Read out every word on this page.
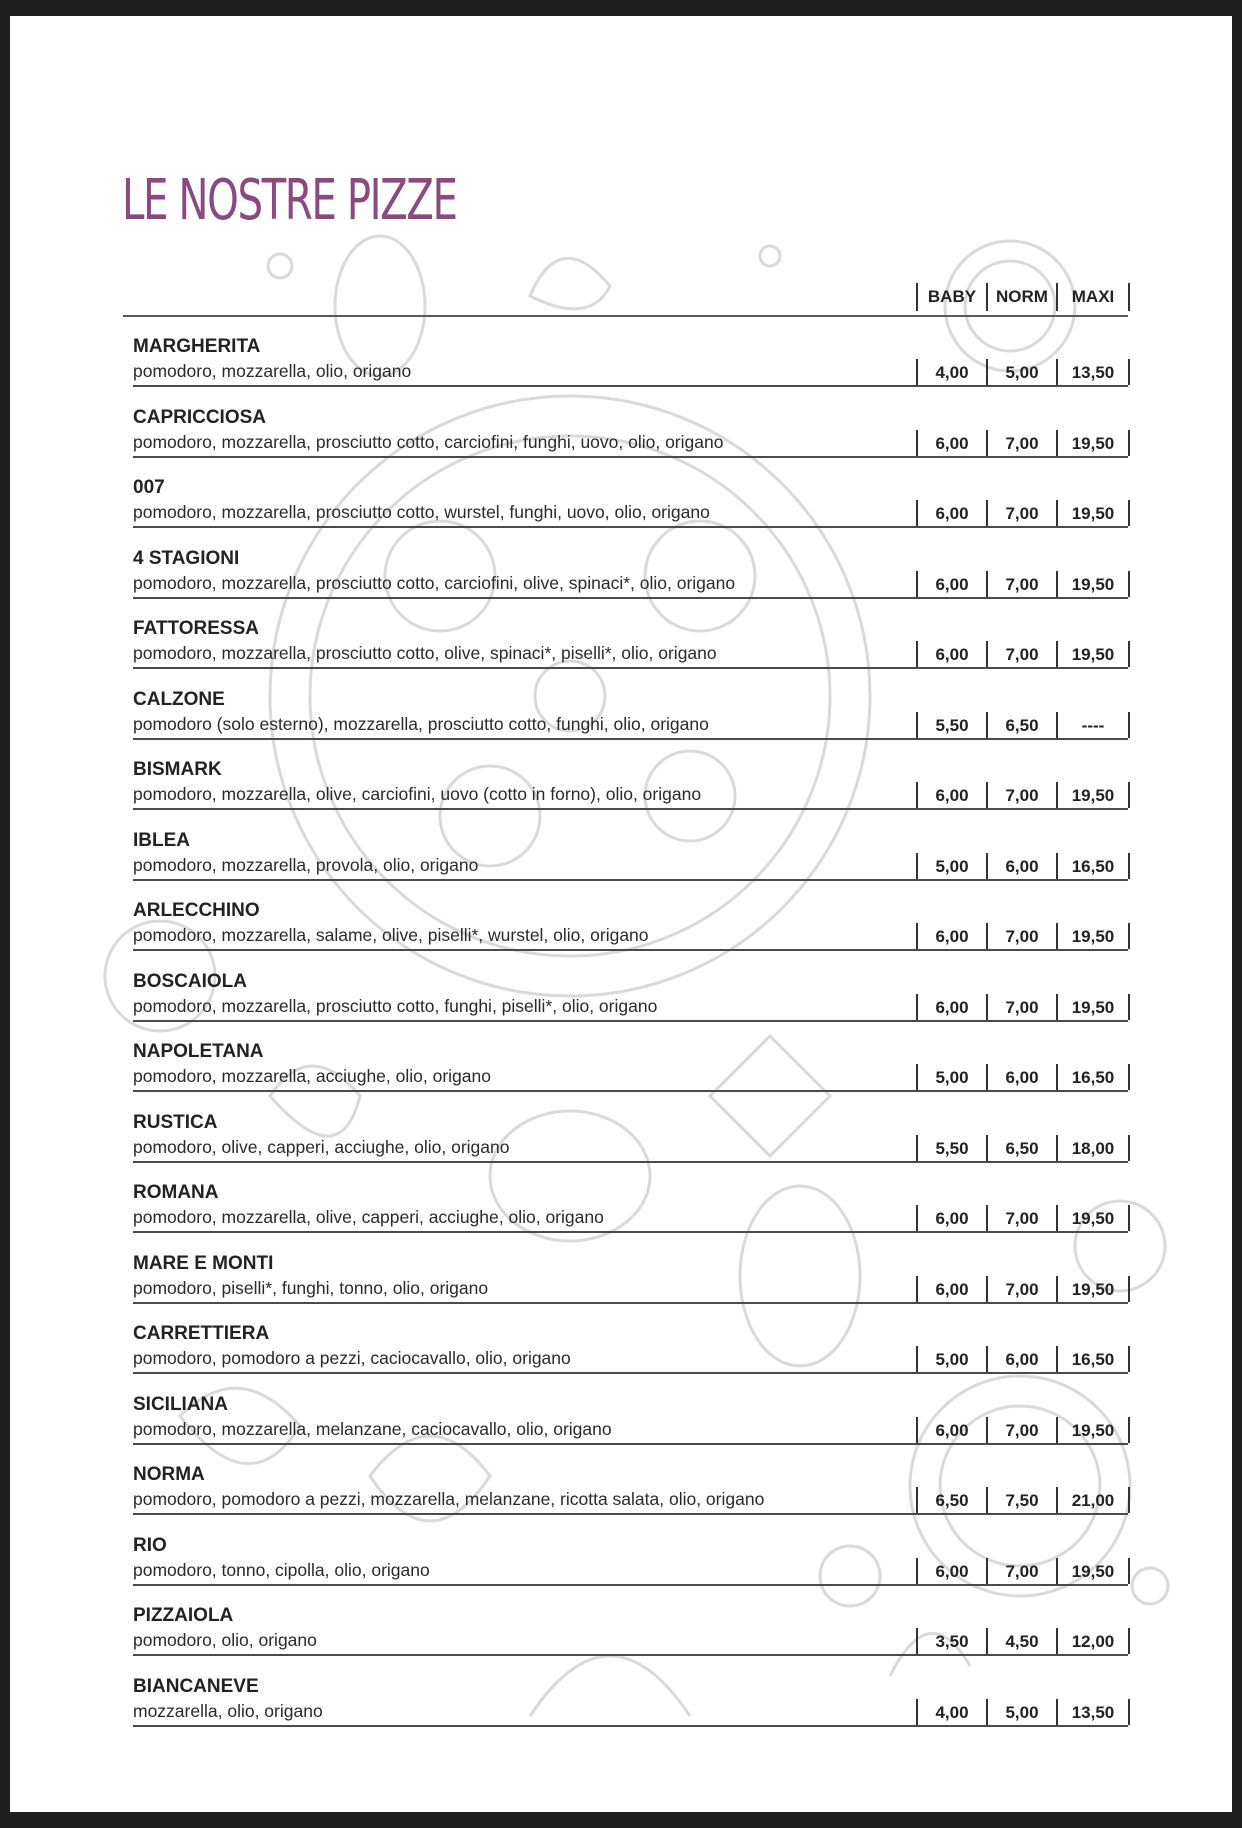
LE NOSTRE PIZZE
BABY	NORM	MAXI
MARGHERITA
pomodoro, mozzarella, olio, origano	4,00	5,00	13,50
CAPRICCIOSA
pomodoro, mozzarella, prosciutto cotto, carciofini, funghi, uovo, olio, origano	6,00	7,00	19,50
007
pomodoro, mozzarella, prosciutto cotto, wurstel, funghi, uovo, olio, origano	6,00	7,00	19,50
4 STAGIONI
pomodoro, mozzarella, prosciutto cotto, carciofini, olive, spinaci*, olio, origano	6,00	7,00	19,50
FATTORESSA
pomodoro, mozzarella, prosciutto cotto, olive, spinaci*, piselli*, olio, origano	6,00	7,00	19,50
CALZONE
pomodoro (solo esterno), mozzarella, prosciutto cotto, funghi, olio, origano	5,50	6,50	----
BISMARK
pomodoro, mozzarella, olive, carciofini, uovo (cotto in forno), olio, origano	6,00	7,00	19,50
IBLEA
pomodoro, mozzarella, provola, olio, origano	5,00	6,00	16,50
ARLECCHINO
pomodoro, mozzarella, salame, olive, piselli*, wurstel, olio, origano	6,00	7,00	19,50
BOSCAIOLA
pomodoro, mozzarella, prosciutto cotto, funghi, piselli*, olio, origano	6,00	7,00	19,50
NAPOLETANA
pomodoro, mozzarella, acciughe, olio, origano	5,00	6,00	16,50
RUSTICA
pomodoro, olive, capperi, acciughe, olio, origano	5,50	6,50	18,00
ROMANA
pomodoro, mozzarella, olive, capperi, acciughe, olio, origano	6,00	7,00	19,50
MARE E MONTI
pomodoro, piselli*, funghi, tonno, olio, origano	6,00	7,00	19,50
CARRETTIERA
pomodoro, pomodoro a pezzi, caciocavallo, olio, origano	5,00	6,00	16,50
SICILIANA
pomodoro, mozzarella, melanzane, caciocavallo, olio, origano	6,00	7,00	19,50
NORMA
pomodoro, pomodoro a pezzi, mozzarella, melanzane, ricotta salata, olio, origano	6,50	7,50	21,00
RIO
pomodoro, tonno, cipolla, olio, origano	6,00	7,00	19,50
PIZZAIOLA
pomodoro, olio, origano	3,50	4,50	12,00
BIANCANEVE
mozzarella, olio, origano	4,00	5,00	13,50
